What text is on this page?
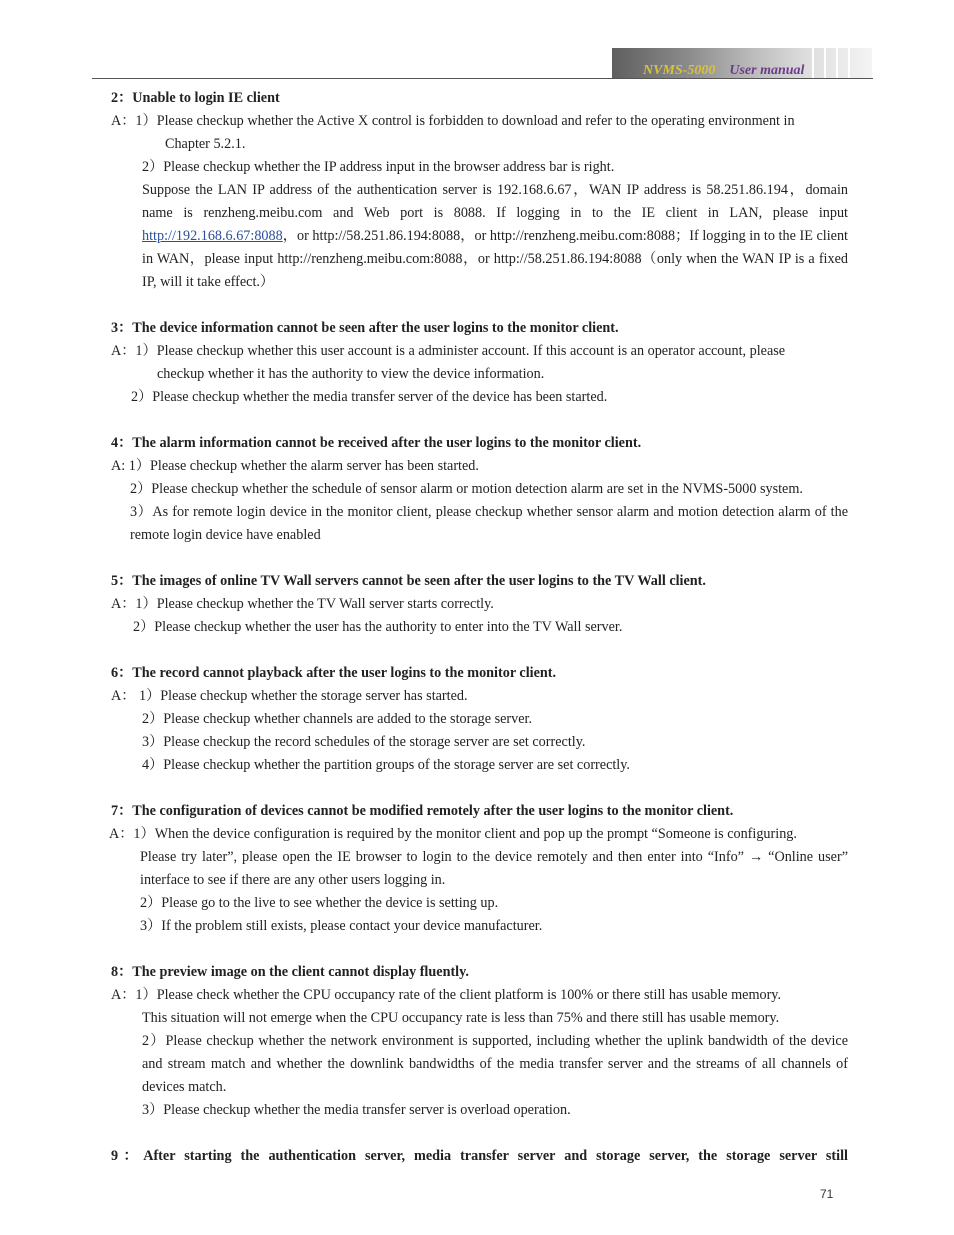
NVMS-5000 User manual

2：Unable to login IE client

A：1）Please checkup whether the Active X control is forbidden to download and refer to the operating environment in

Chapter 5.2.1.

2）Please checkup whether the IP address input in the browser address bar is right.

Suppose the LAN IP address of the authentication server is 192.168.6.67，WAN IP address is 58.251.86.194，domain name is renzheng.meibu.com and Web port is 8088. If logging in to the IE client in LAN, please input http://192.168.6.67:8088，or http://58.251.86.194:8088，or http://renzheng.meibu.com:8088；If logging in to the IE client in WAN，please input http://renzheng.meibu.com:8088，or http://58.251.86.194:8088（only when the WAN IP is a fixed IP, will it take effect.）

3：The device information cannot be seen after the user logins to the monitor client.

A：1）Please checkup whether this user account is a administer account. If this account is an operator account, please

checkup whether it has the authority to view the device information.

2）Please checkup whether the media transfer server of the device has been started.

4：The alarm information cannot be received after the user logins to the monitor client.

A: 1）Please checkup whether the alarm server has been started.

2）Please checkup whether the schedule of sensor alarm or motion detection alarm are set in the NVMS-5000 system.

3）As for remote login device in the monitor client, please checkup whether sensor alarm and motion detection alarm of the remote login device have enabled

5：The images of online TV Wall servers cannot be seen after the user logins to the TV Wall client.

A：1）Please checkup whether the TV Wall server starts correctly.

2）Please checkup whether the user has the authority to enter into the TV Wall server.

6：The record cannot playback after the user logins to the monitor client.

A： 1）Please checkup whether the storage server has started.

2）Please checkup whether channels are added to the storage server.

3）Please checkup the record schedules of the storage server are set correctly.

4）Please checkup whether the partition groups of the storage server are set correctly.

7：The configuration of devices cannot be modified remotely after the user logins to the monitor client.

A：1）When the device configuration is required by the monitor client and pop up the prompt “Someone is configuring.

Please try later”, please open the IE browser to login to the device remotely and then enter into “Info” → “Online user” interface to see if there are any other users logging in.

2）Please go to the live to see whether the device is setting up.

3）If the problem still exists, please contact your device manufacturer.

8：The preview image on the client cannot display fluently.

A：1）Please check whether the CPU occupancy rate of the client platform is 100% or there still has usable memory.

This situation will not emerge when the CPU occupancy rate is less than 75% and there still has usable memory.

2）Please checkup whether the network environment is supported, including whether the uplink bandwidth of the device and stream match and whether the downlink bandwidths of the media transfer server and the streams of all channels of devices match.

3）Please checkup whether the media transfer server is overload operation.

9：After starting the authentication server, media transfer server and storage server, the storage server still

71
